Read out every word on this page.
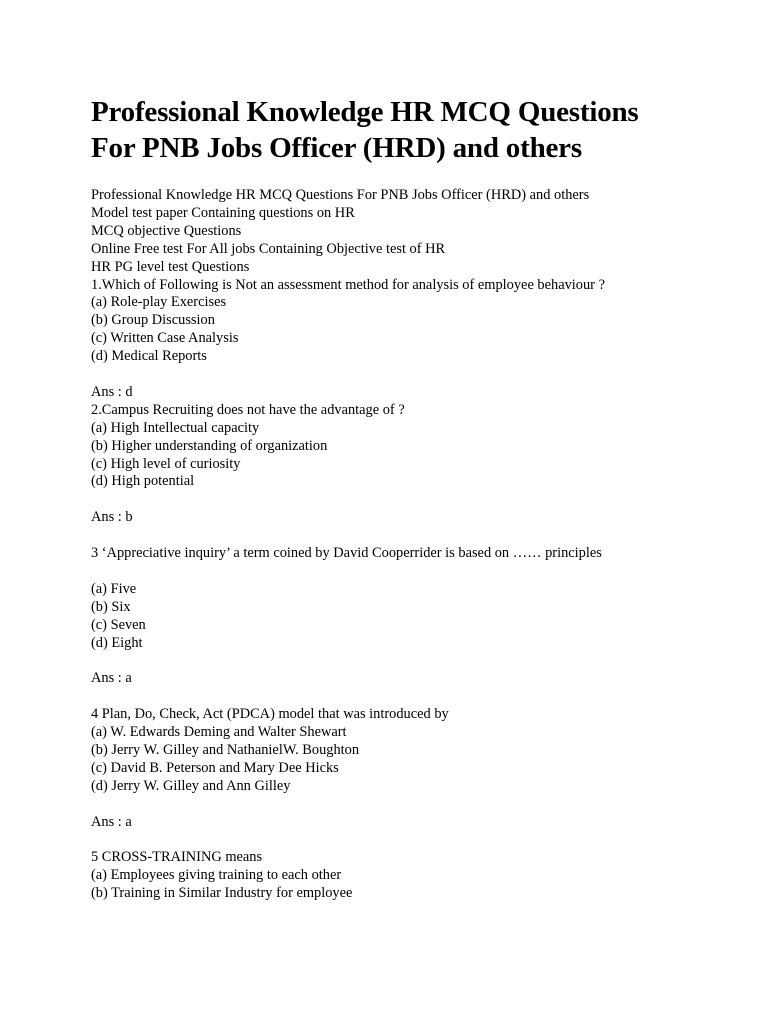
Professional Knowledge HR MCQ Questions
For PNB Jobs Officer (HRD) and others
Professional Knowledge HR MCQ Questions For PNB Jobs Officer (HRD) and others
Model test paper Containing questions on HR
MCQ objective Questions
Online Free test For All jobs Containing Objective test of HR
HR PG level test Questions
1.Which of Following is Not an assessment method for analysis of employee behaviour ?
(a) Role-play Exercises
(b) Group Discussion
(c) Written Case Analysis
(d) Medical Reports
Ans : d
2.Campus Recruiting does not have the advantage of ?
(a) High Intellectual capacity
(b) Higher understanding of organization
(c) High level of curiosity
(d) High potential
Ans : b
3 ‘Appreciative inquiry’ a term coined by David Cooperrider is based on …… principles
(a) Five
(b) Six
(c) Seven
(d) Eight
Ans : a
4 Plan, Do, Check, Act (PDCA) model that was introduced by
(a) W. Edwards Deming and Walter Shewart
(b) Jerry W. Gilley and NathanielW. Boughton
(c) David B. Peterson and Mary Dee Hicks
(d) Jerry W. Gilley and Ann Gilley
Ans : a
5 CROSS-TRAINING means
(a) Employees giving training to each other
(b) Training in Similar Industry for employee
